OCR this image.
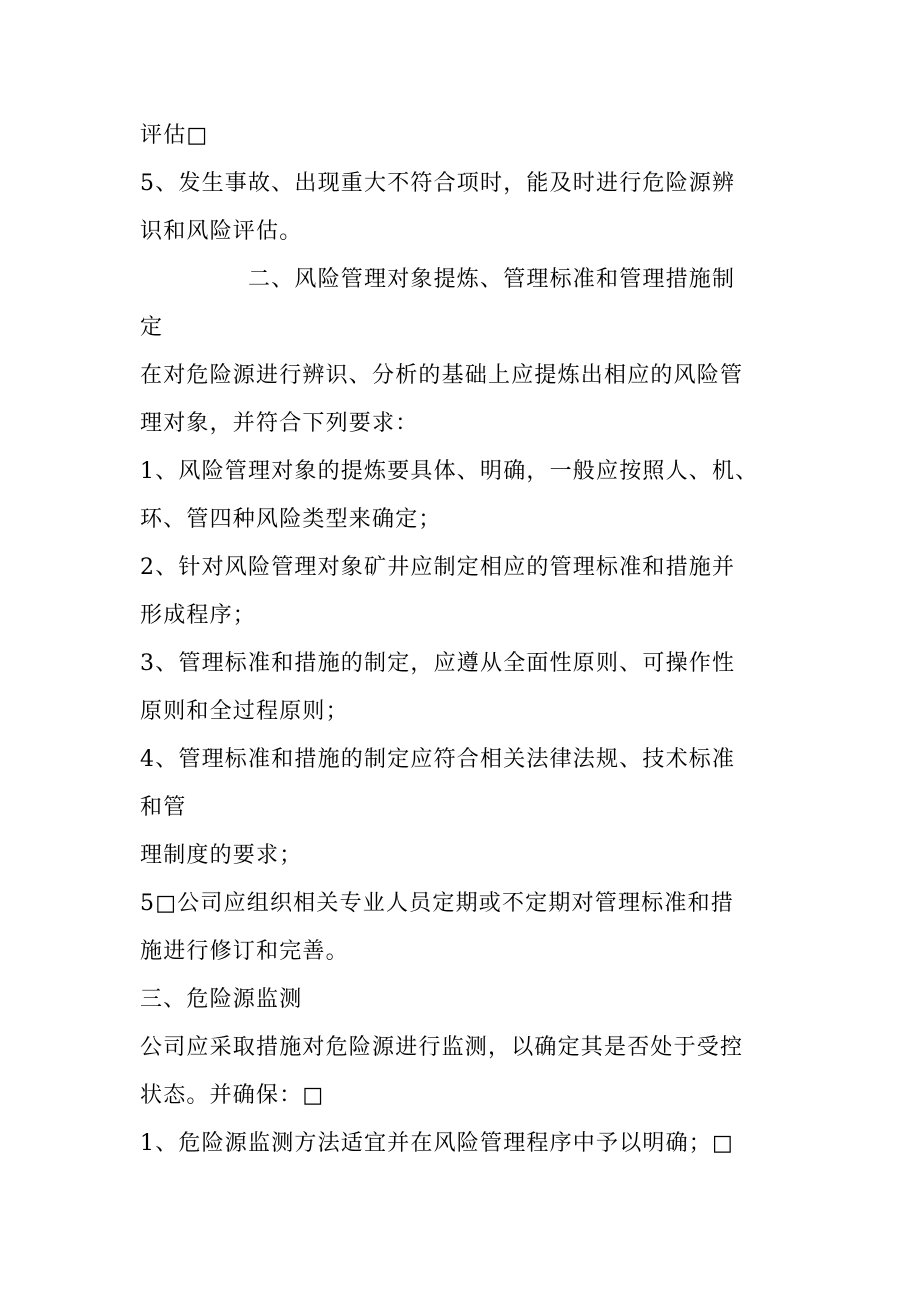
评估□
5、发生事故、出现重大不符合项时，能及时进行危险源辨
识和风险评估。
二、风险管理对象提炼、管理标准和管理措施制
定
在对危险源进行辨识、分析的基础上应提炼出相应的风险管
理对象，并符合下列要求：
1、风险管理对象的提炼要具体、明确，一般应按照人、机、
环、管四种风险类型来确定；
2、针对风险管理对象矿井应制定相应的管理标准和措施并
形成程序；
3、管理标准和措施的制定，应遵从全面性原则、可操作性
原则和全过程原则；
4、管理标准和措施的制定应符合相关法律法规、技术标准
和管
理制度的要求；
5□公司应组织相关专业人员定期或不定期对管理标准和措
施进行修订和完善。
三、危险源监测
公司应采取措施对危险源进行监测，以确定其是否处于受控
状态。并确保：□
1、危险源监测方法适宜并在风险管理程序中予以明确；□
